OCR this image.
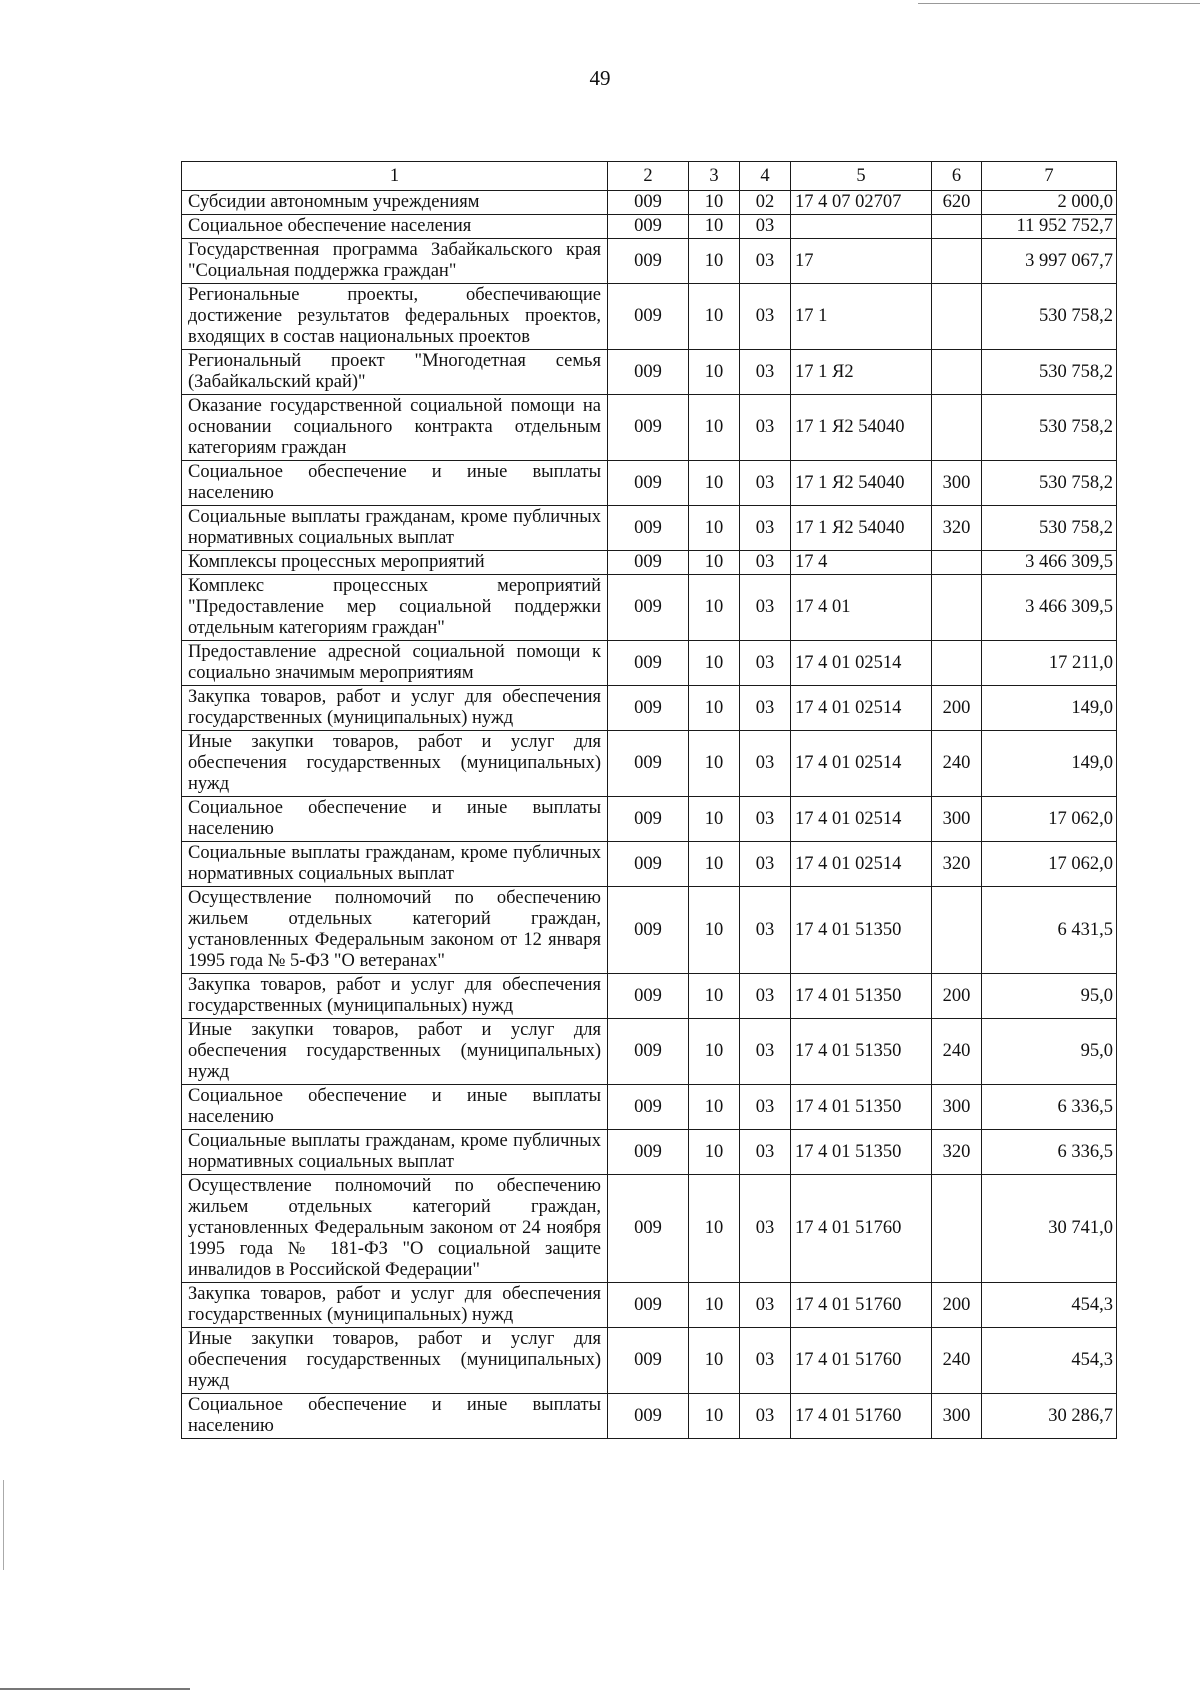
49
1	2	3	4	5	6	7
Субсидии автономным учреждениям	009	10	02	17 4 07 02707	620	2 000,0
Социальное обеспечение населения	009	10	03			11 952 752,7
Государственная программа Забайкальского края "Социальная поддержка граждан"	009	10	03	17		3 997 067,7
Региональные проекты, обеспечивающие достижение результатов федеральных проектов, входящих в состав национальных проектов	009	10	03	17 1		530 758,2
Региональный проект "Многодетная семья (Забайкальский край)"	009	10	03	17 1 Я2		530 758,2
Оказание государственной социальной помощи на основании социального контракта отдельным категориям граждан	009	10	03	17 1 Я2 54040		530 758,2
Социальное обеспечение и иные выплаты населению	009	10	03	17 1 Я2 54040	300	530 758,2
Социальные выплаты гражданам, кроме публичных нормативных социальных выплат	009	10	03	17 1 Я2 54040	320	530 758,2
Комплексы процессных мероприятий	009	10	03	17 4		3 466 309,5
Комплекс процессных мероприятий "Предоставление мер социальной поддержки отдельным категориям граждан"	009	10	03	17 4 01		3 466 309,5
Предоставление адресной социальной помощи к социально значимым мероприятиям	009	10	03	17 4 01 02514		17 211,0
Закупка товаров, работ и услуг для обеспечения государственных (муниципальных) нужд	009	10	03	17 4 01 02514	200	149,0
Иные закупки товаров, работ и услуг для обеспечения государственных (муниципальных) нужд	009	10	03	17 4 01 02514	240	149,0
Социальное обеспечение и иные выплаты населению	009	10	03	17 4 01 02514	300	17 062,0
Социальные выплаты гражданам, кроме публичных нормативных социальных выплат	009	10	03	17 4 01 02514	320	17 062,0
Осуществление полномочий по обеспечению жильем отдельных категорий граждан, установленных Федеральным законом от 12 января 1995 года № 5-ФЗ "О ветеранах"	009	10	03	17 4 01 51350		6 431,5
Закупка товаров, работ и услуг для обеспечения государственных (муниципальных) нужд	009	10	03	17 4 01 51350	200	95,0
Иные закупки товаров, работ и услуг для обеспечения государственных (муниципальных) нужд	009	10	03	17 4 01 51350	240	95,0
Социальное обеспечение и иные выплаты населению	009	10	03	17 4 01 51350	300	6 336,5
Социальные выплаты гражданам, кроме публичных нормативных социальных выплат	009	10	03	17 4 01 51350	320	6 336,5
Осуществление полномочий по обеспечению жильем отдельных категорий граждан, установленных Федеральным законом от 24 ноября 1995 года № 181-ФЗ "О социальной защите инвалидов в Российской Федерации"	009	10	03	17 4 01 51760		30 741,0
Закупка товаров, работ и услуг для обеспечения государственных (муниципальных) нужд	009	10	03	17 4 01 51760	200	454,3
Иные закупки товаров, работ и услуг для обеспечения государственных (муниципальных) нужд	009	10	03	17 4 01 51760	240	454,3
Социальное обеспечение и иные выплаты населению	009	10	03	17 4 01 51760	300	30 286,7
